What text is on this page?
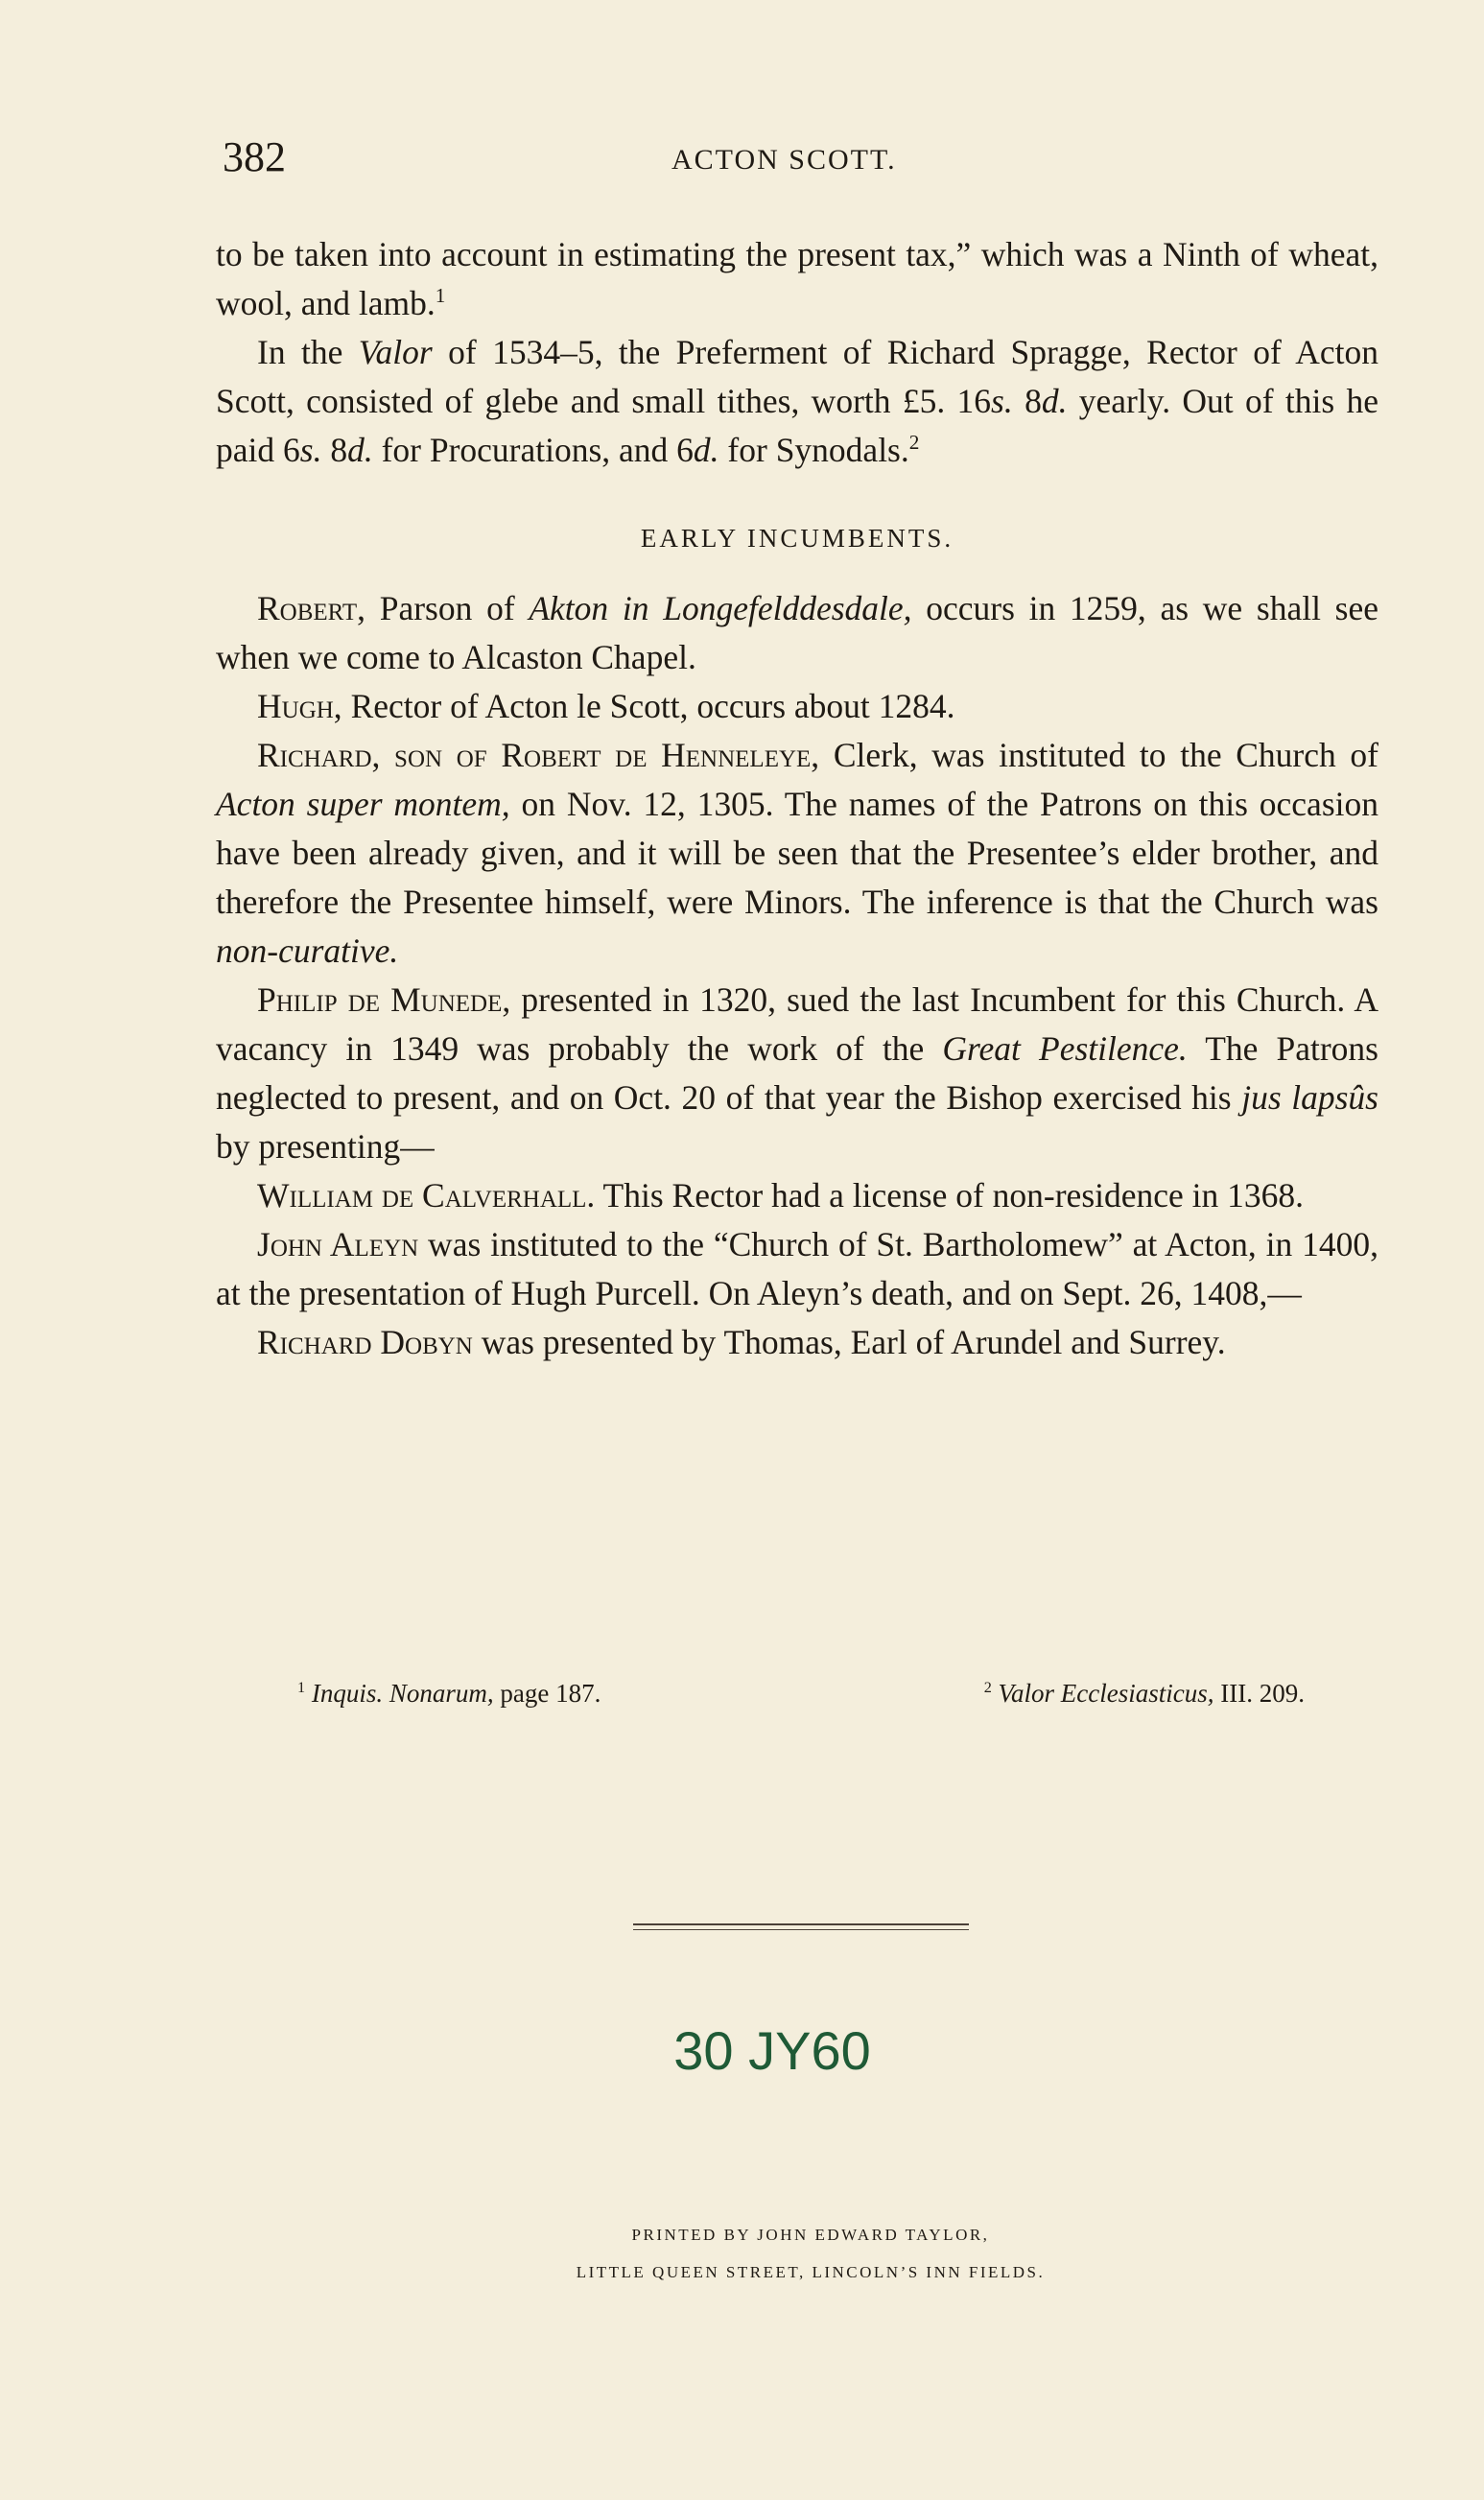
382	ACTON SCOTT.

to be taken into account in estimating the present tax,” which was a Ninth of wheat, wool, and lamb.$^1$

In the Valor of 1534–5, the Preferment of Richard Spragge, Rector of Acton Scott, consisted of glebe and small tithes, worth £5. 16s. 8d. yearly. Out of this he paid 6s. 8d. for Procurations, and 6d. for Synodals.$^2$

EARLY INCUMBENTS.

Robert, Parson of Akton in Longefelddesdale, occurs in 1259, as we shall see when we come to Alcaston Chapel.

Hugh, Rector of Acton le Scott, occurs about 1284.

Richard, son of Robert de Henneleye, Clerk, was instituted to the Church of Acton super montem, on Nov. 12, 1305. The names of the Patrons on this occasion have been already given, and it will be seen that the Presentee’s elder brother, and therefore the Presentee himself, were Minors. The inference is that the Church was non-curative.

Philip de Munede, presented in 1320, sued the last Incumbent for this Church. A vacancy in 1349 was probably the work of the Great Pestilence. The Patrons neglected to present, and on Oct. 20 of that year the Bishop exercised his jus lapsûs by presenting—

William de Calverhall. This Rector had a license of non-residence in 1368.

John Aleyn was instituted to the “Church of St. Bartholomew” at Acton, in 1400, at the presentation of Hugh Purcell. On Aleyn’s death, and on Sept. 26, 1408,—

Richard Dobyn was presented by Thomas, Earl of Arundel and Surrey.

$^1$ Inquis. Nonarum, page 187.	$^2$ Valor Ecclesiasticus, III. 209.
30 JY60
PRINTED BY JOHN EDWARD TAYLOR,
LITTLE QUEEN STREET, LINCOLN’S INN FIELDS.
